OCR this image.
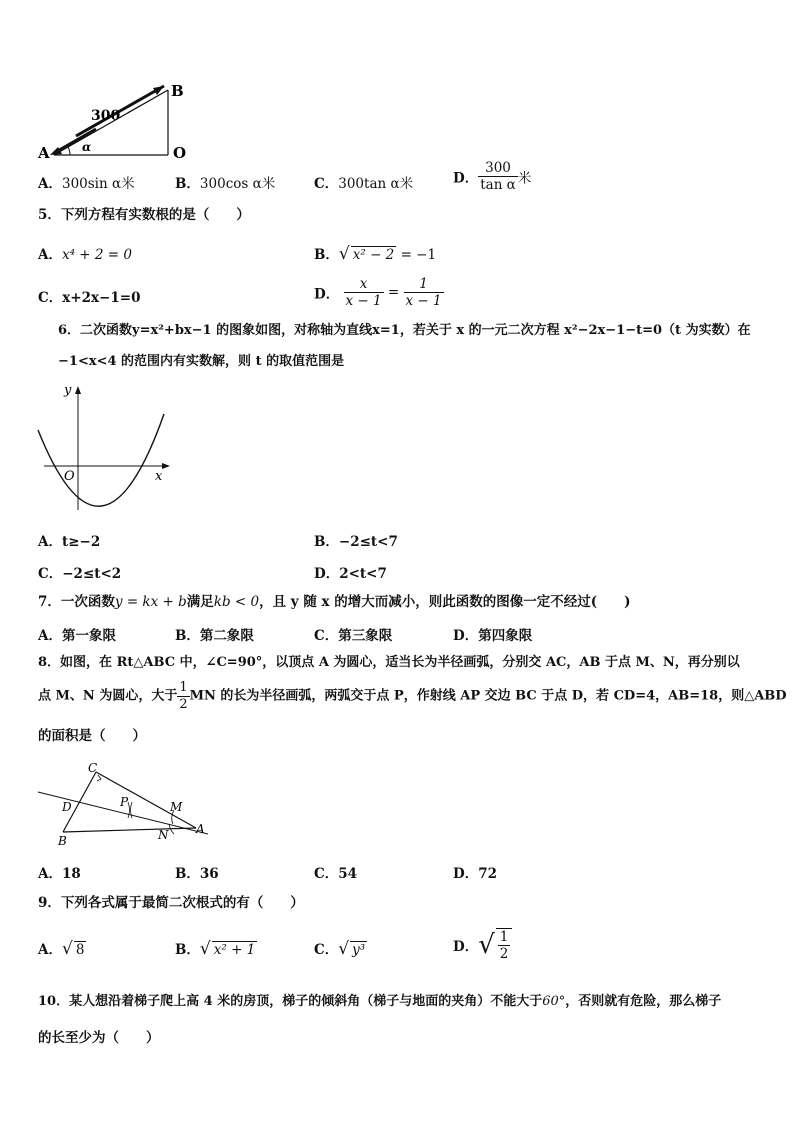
A
B
O
300
α
A．300sin α米	B．300cos α米	C．300tan α米	D． $\frac{300}{\text{tan α}}$ 米
5．下列方程有实数根的是（　　）
A．x⁴ + 2 = 0	B．√ x² − 2 = −1
C．x+2x−1=0	D． $\frac{x}{x - 1} = \frac{1}{x - 1}$
6．二次函数y=x²+bx−1 的图象如图，对称轴为直线x=1，若关于 x 的一元二次方程 x²−2x−1−t=0（t 为实数）在
−1<x<4 的范围内有实数解，则 t 的取值范围是
y
x
O
A．t≥−2	B．−2≤t<7
C．−2≤t<2	D．2<t<7
7．一次函数y = kx + b满足kb < 0，且 y 随 x 的增大而减小，则此函数的图像一定不经过(　　)
A．第一象限	B．第二象限	C．第三象限	D．第四象限
8．如图，在 Rt△ABC 中，∠C=90°，以顶点 A 为圆心，适当长为半径画弧，分别交 AC，AB 于点 M、N，再分别以
点 M、N 为圆心，大于 $\frac{1}{2}$ MN 的长为半径画弧，两弧交于点 P，作射线 AP 交边 BC 于点 D，若 CD=4，AB=18，则△ABD
的面积是（　　）
C
D	P	M
N A
B
A．18	B．36	C．54	D．72
9．下列各式属于最简二次根式的有（　　）
A．√ 8	B．√ x² + 1	C．√ y³	D．√ $\frac{1}{2}$
10．某人想沿着梯子爬上高 4 米的房顶，梯子的倾斜角（梯子与地面的夹角）不能大于60°，否则就有危险，那么梯子
的长至少为（　　）
